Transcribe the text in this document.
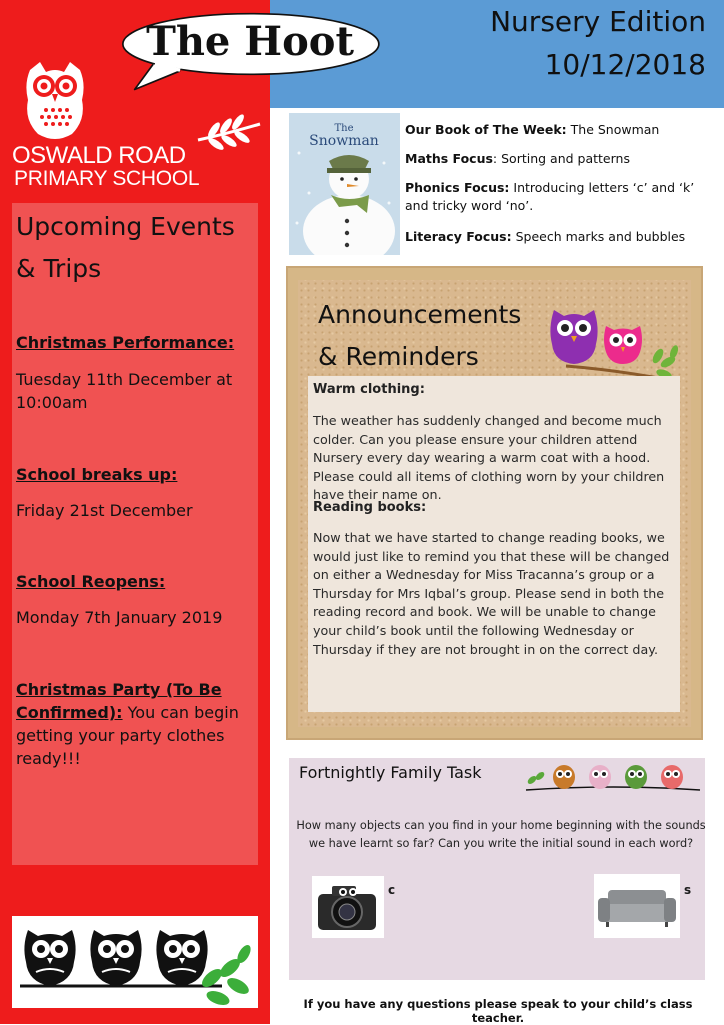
The Hoot	Nursery Edition
10/12/2018
OSWALD ROAD
PRIMARY SCHOOL
Upcoming Events
& Trips
Christmas Performance:
Tuesday 11th December at 10:00am
School breaks up:
Friday 21st December
School Reopens:
Monday 7th January 2019
Christmas Party (To Be Confirmed): You can begin getting your party clothes ready!!!
The
Snowman
Our Book of The Week: The Snowman
Maths Focus: Sorting and patterns
Phonics Focus: Introducing letters ‘c’ and ‘k’ and tricky word ‘no’.
Literacy Focus: Speech marks and bubbles
Announcements
& Reminders
Warm clothing:
The weather has suddenly changed and become much colder. Can you please ensure your children attend Nursery every day wearing a warm coat with a hood. Please could all items of clothing worn by your children have their name on.
Reading books:
Now that we have started to change reading books, we would just like to remind you that these will be changed on either a Wednesday for Miss Tracanna’s group or a Thursday for Mrs Iqbal’s group. Please send in both the reading record and book. We will be unable to change your child’s book until the following Wednesday or Thursday if they are not brought in on the correct day.
Fortnightly Family Task
How many objects can you find in your home beginning with the sounds we have learnt so far? Can you write the initial sound in each word?
c	s
If you have any questions please speak to your child’s class teacher.
